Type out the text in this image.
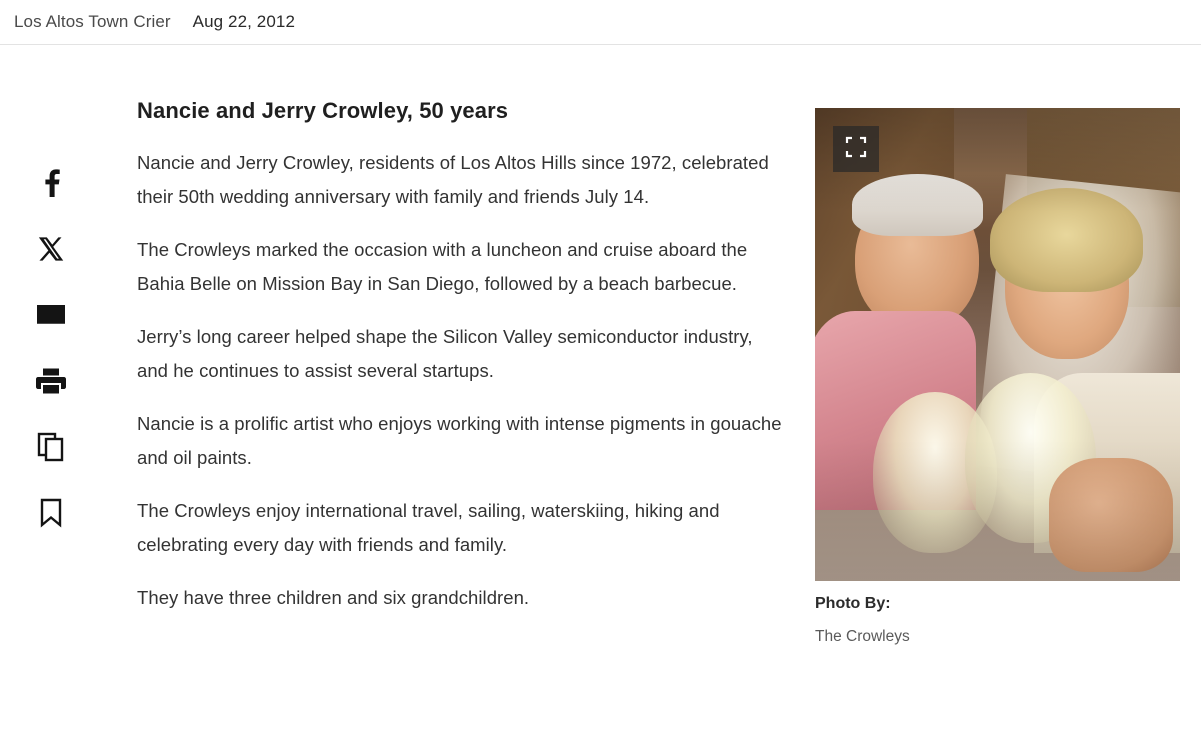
Los Altos Town Crier Aug 22, 2012
Nancie and Jerry Crowley, 50 years

Nancie and Jerry Crowley, residents of Los Altos Hills since 1972, celebrated their 50th wedding anniversary with family and friends July 14.

The Crowleys marked the occasion with a luncheon and cruise aboard the Bahia Belle on Mission Bay in San Diego, followed by a beach barbecue.

Jerry’s long career helped shape the Silicon Valley semiconductor industry, and he continues to assist several startups.

Nancie is a prolific artist who enjoys working with intense pigments in gouache and oil paints.

The Crowleys enjoy international travel, sailing, waterskiing, hiking and celebrating every day with friends and family.

They have three children and six grandchildren.	Photo By:
The Crowleys
